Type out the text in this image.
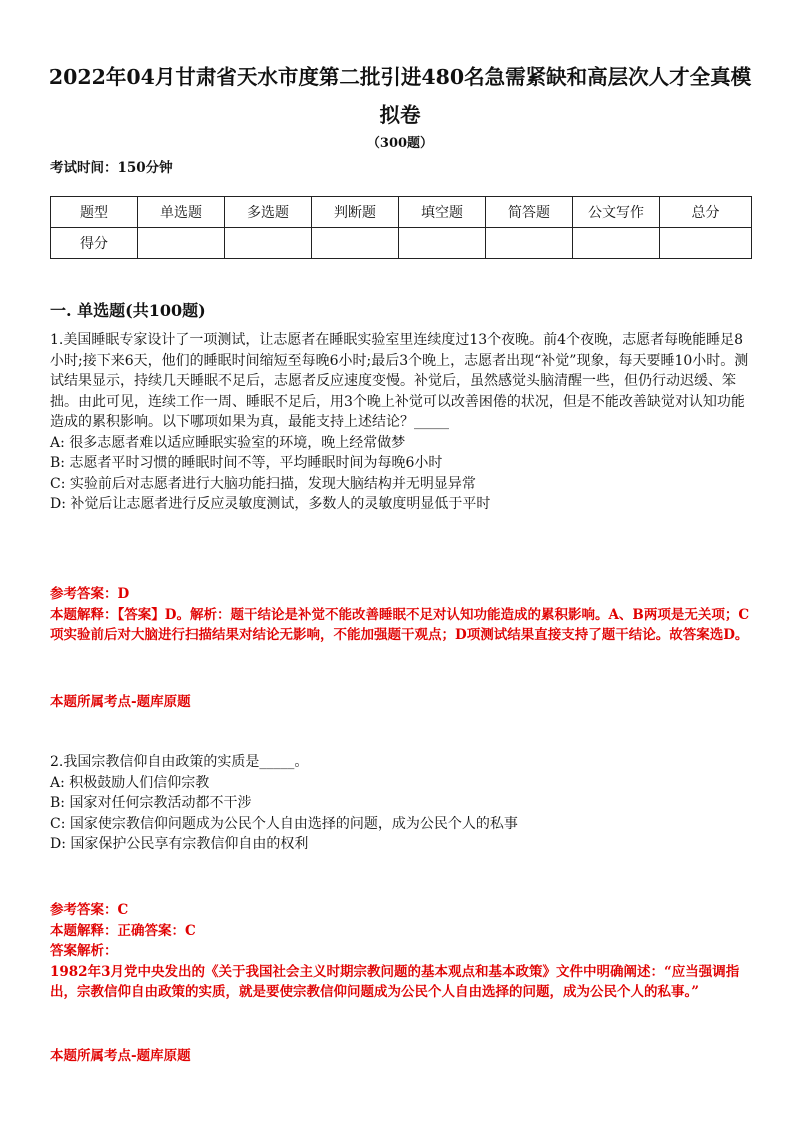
2022年04月甘肃省天水市度第二批引进480名急需紧缺和高层次人才全真模拟卷
（300题）
考试时间：150分钟
题型	单选题	多选题	判断题	填空题	简答题	公文写作	总分
得分							
一. 单选题(共100题)

1.美国睡眠专家设计了一项测试，让志愿者在睡眠实验室里连续度过13个夜晚。前4个夜晚，志愿者每晚能睡足8小时;接下来6天，他们的睡眠时间缩短至每晚6小时;最后3个晚上，志愿者出现“补觉”现象，每天要睡10小时。测试结果显示，持续几天睡眠不足后，志愿者反应速度变慢。补觉后，虽然感觉头脑清醒一些，但仍行动迟缓、笨拙。由此可见，连续工作一周、睡眠不足后，用3个晚上补觉可以改善困倦的状况，但是不能改善缺觉对认知功能造成的累积影响。以下哪项如果为真，最能支持上述结论？_____

A: 很多志愿者难以适应睡眠实验室的环境，晚上经常做梦

B: 志愿者平时习惯的睡眠时间不等，平均睡眠时间为每晚6小时

C: 实验前后对志愿者进行大脑功能扫描，发现大脑结构并无明显异常

D: 补觉后让志愿者进行反应灵敏度测试，多数人的灵敏度明显低于平时

参考答案：D

本题解释：【答案】D。解析：题干结论是补觉不能改善睡眠不足对认知功能造成的累积影响。A、B两项是无关项；C项实验前后对大脑进行扫描结果对结论无影响，不能加强题干观点；D项测试结果直接支持了题干结论。故答案选D。

本题所属考点-题库原题

2.我国宗教信仰自由政策的实质是_____。

A: 积极鼓励人们信仰宗教

B: 国家对任何宗教活动都不干涉

C: 国家使宗教信仰问题成为公民个人自由选择的问题，成为公民个人的私事

D: 国家保护公民享有宗教信仰自由的权利

参考答案：C

本题解释：正确答案：C

答案解析：

1982年3月党中央发出的《关于我国社会主义时期宗教问题的基本观点和基本政策》文件中明确阐述：“应当强调指出，宗教信仰自由政策的实质，就是要使宗教信仰问题成为公民个人自由选择的问题，成为公民个人的私事。”

本题所属考点-题库原题
